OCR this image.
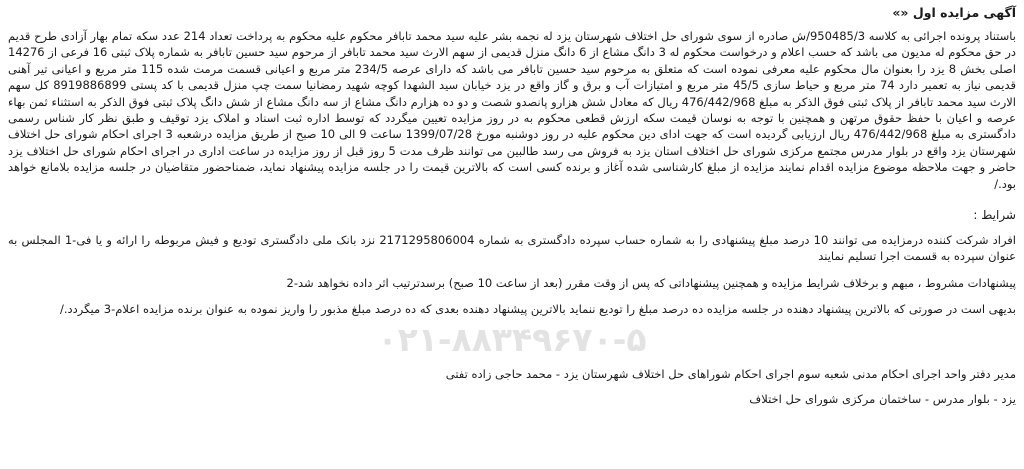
آگهی مزایده اول «»

باستناد پرونده اجرائی به کلاسه 950485/3/ش صادره از سوی شورای حل اختلاف شهرستان یزد له نجمه بشر علیه سید محمد تابافر محکوم علیه محکوم به پرداخت تعداد 214 عدد سکه تمام بهار آزادی طرح قدیم در حق محکوم له مدیون می باشد که حسب اعلام و درخواست محکوم له 3 دانگ مشاع از 6 دانگ منزل قدیمی از سهم الارث سید محمد تابافر از مرحوم سید حسین تابافر به شماره پلاک ثبتی 16 فرعی از 14276 اصلی بخش 8 یزد را بعنوان مال محکوم علیه معرفی نموده است که متعلق به مرحوم سید حسین تابافر می باشد که دارای عرصه 234/5 متر مربع و اعیانی قسمت مرمت شده 115 متر مربع و اعیانی تیر آهنی قدیمی نیاز به تعمیر دارد 74 متر مربع و حیاط سازی 45/5 متر مربع و امتیازات آب و برق و گاز واقع در یزد خیابان سید الشهدا کوچه شهید رمضانیا سمت چپ منزل قدیمی با کد پستی 8919886899 کل سهم الارث سید محمد تابافر از پلاک ثبتی فوق الذکر به مبلغ 476/442/968 ریال که معادل شش هزارو پانصدو شصت و دو ده هزارم دانگ مشاع از سه دانگ مشاع از شش دانگ پلاک ثبتی فوق الذکر به استثناء ثمن بهاء عرصه و اعیان با حفظ حقوق مرتهن و همچنین با توجه به نوسان قیمت سکه ارزش قطعی محکوم به در روز مزایده تعیین میگردد که توسط اداره ثبت اسناد و املاک یزد توقیف و طبق نظر کار شناس رسمی دادگستری به مبلغ 476/442/968 ریال ارزیابی گردیده است که جهت ادای دین محکوم علیه در روز دوشنبه مورخ 1399/07/28 ساعت 9 الی 10 صبح از طریق مزایده درشعبه 3 اجرای احکام شورای حل اختلاف شهرستان یزد واقع در بلوار مدرس مجتمع مرکزی شورای حل اختلاف استان یزد به فروش می رسد طالبین می توانند ظرف مدت 5 روز قبل از روز مزایده در ساعت اداری در اجرای احکام شورای حل اختلاف یزد حاضر و جهت ملاحظه موضوع مزایده اقدام نمایند مزایده از مبلغ کارشناسی شده آغاز و برنده کسی است که بالاترین قیمت را در جلسه مزایده پیشنهاد نماید، ضمناحضور متقاضیان در جلسه مزایده بلامانع خواهد بود./

شرایط :

افراد شرکت کننده درمزایده می توانند 10 درصد مبلغ پیشنهادی را به شماره حساب سپرده دادگستری به شماره 2171295806004 نزد بانک ملی دادگستری تودیع و فیش مربوطه را ارائه و یا فی-1 المجلس به عنوان سپرده به قسمت اجرا تسلیم نمایند

پیشنهادات مشروط ، مبهم و برخلاف شرایط مزایده و همچنین پیشنهاداتی که پس از وقت مقرر (بعد از ساعت 10 صبح) برسدترتیب اثر داده نخواهد شد-2

بدیهی است در صورتی که بالاترین پیشنهاد دهنده در جلسه مزایده ده درصد مبلغ را تودیع ننماید بالاترین پیشنهاد دهنده بعدی که ده درصد مبلغ مذبور را واریز نموده به عنوان برنده مزایده اعلام-3 میگردد./

۰۲۱-۸۸۳۴۹۶۷۰-۵
مدیر دفتر واحد اجرای احکام مدنی شعبه سوم اجرای احکام شوراهای حل اختلاف شهرستان یزد - محمد حاجی زاده تفتی
یزد - بلوار مدرس - ساختمان مرکزی شورای حل اختلاف
